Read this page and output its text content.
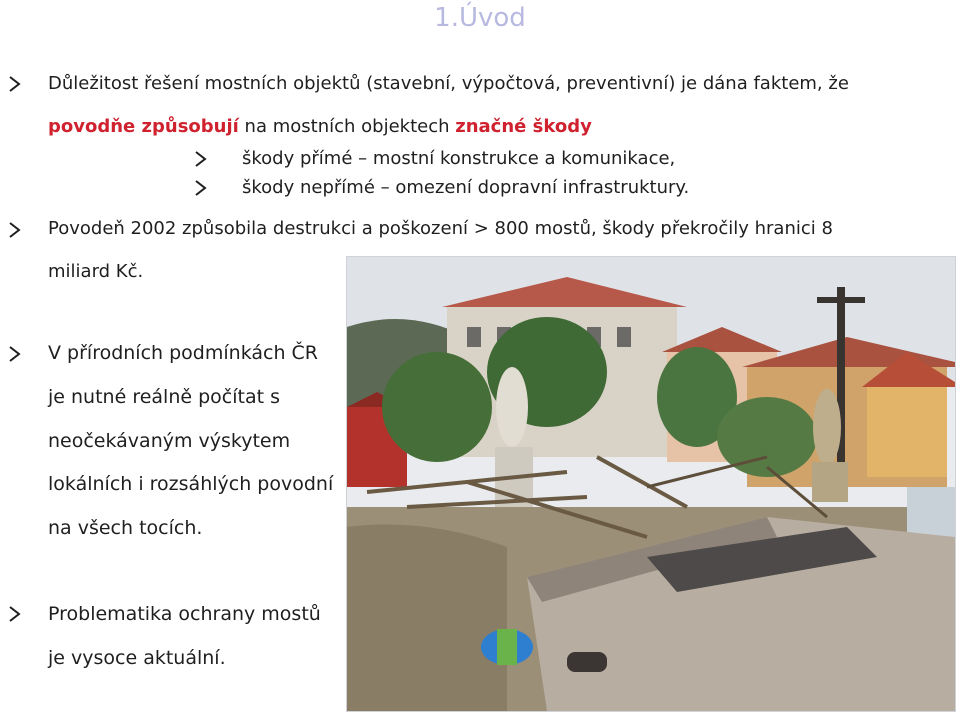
1.Úvod
Důležitost řešení mostních objektů (stavební, výpočtová, preventivní) je dána faktem, že
povodňe způsobují na mostních objektech značné škody
škody přímé – mostní konstrukce a komunikace,
škody nepřímé – omezení dopravní infrastruktury.
Povodeň 2002 způsobila destrukci a poškození > 800 mostů, škody překročily hranici 8
miliard Kč.
V přírodních podmínkách ČR
je nutné reálně počítat s
neočekávaným výskytem
lokálních i rozsáhlých povodní
na všech tocích.
Problematika ochrany mostů
je vysoce aktuální.
